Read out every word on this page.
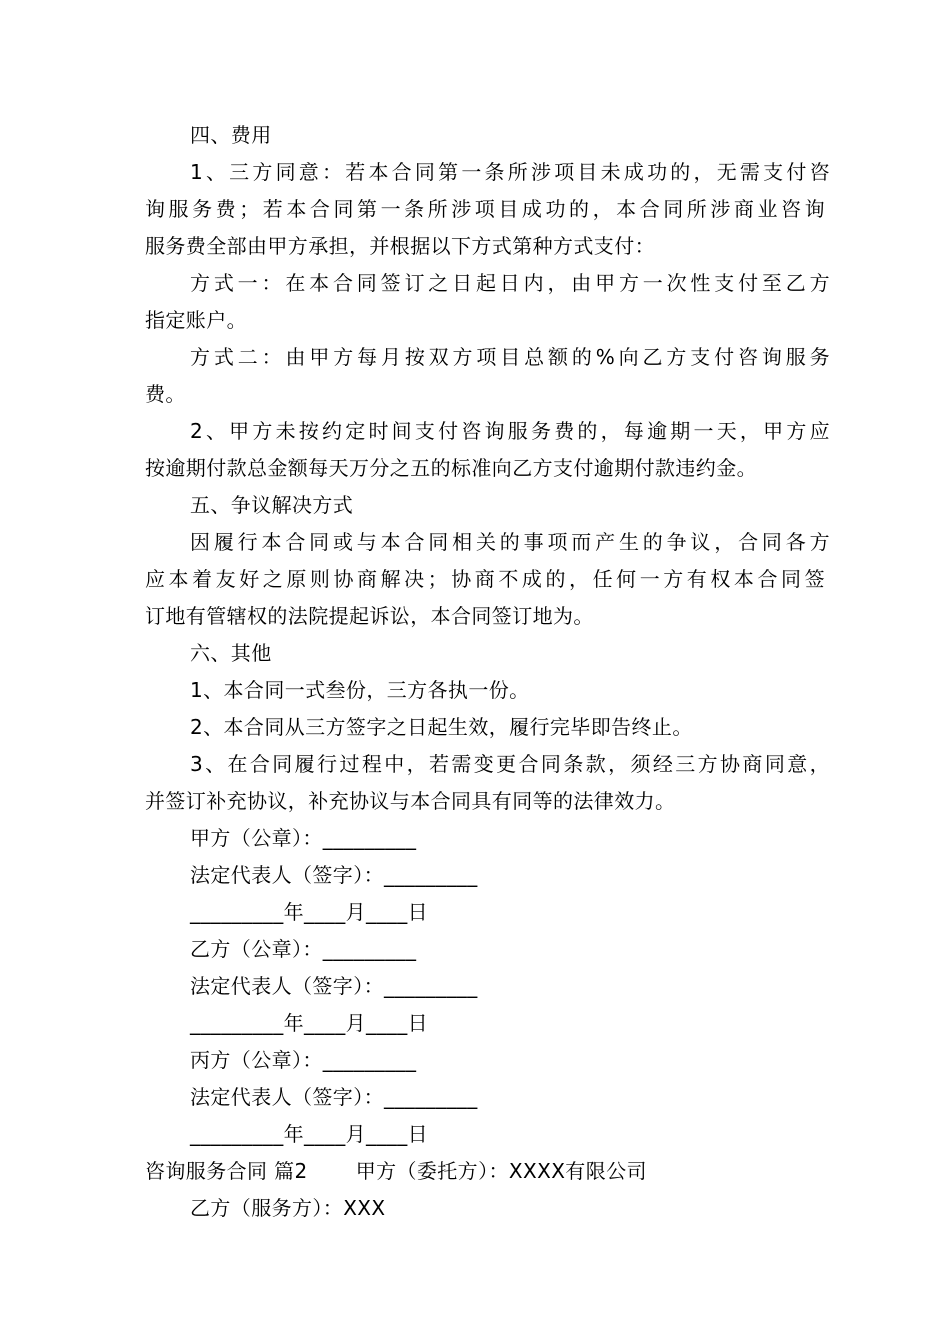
四、费用
1、三方同意：若本合同第一条所涉项目未成功的，无需支付咨
询服务费；若本合同第一条所涉项目成功的，本合同所涉商业咨询
服务费全部由甲方承担，并根据以下方式第种方式支付：
方式一：在本合同签订之日起日内，由甲方一次性支付至乙方
指定账户。
方式二：由甲方每月按双方项目总额的%向乙方支付咨询服务
费。
2、甲方未按约定时间支付咨询服务费的，每逾期一天，甲方应
按逾期付款总金额每天万分之五的标准向乙方支付逾期付款违约金。
五、争议解决方式
因履行本合同或与本合同相关的事项而产生的争议，合同各方
应本着友好之原则协商解决；协商不成的，任何一方有权本合同签
订地有管辖权的法院提起诉讼，本合同签订地为。
六、其他
1、本合同一式叁份，三方各执一份。
2、本合同从三方签字之日起生效，履行完毕即告终止。
3、在合同履行过程中，若需变更合同条款，须经三方协商同意，
并签订补充协议，补充协议与本合同具有同等的法律效力。
甲方（公章）：_________
法定代表人（签字）：_________
_________年____月____日
乙方（公章）：_________
法定代表人（签字）：_________
_________年____月____日
丙方（公章）：_________
法定代表人（签字）：_________
_________年____月____日
咨询服务合同 篇2 甲方（委托方）：XXXX有限公司
乙方（服务方）：XXX
